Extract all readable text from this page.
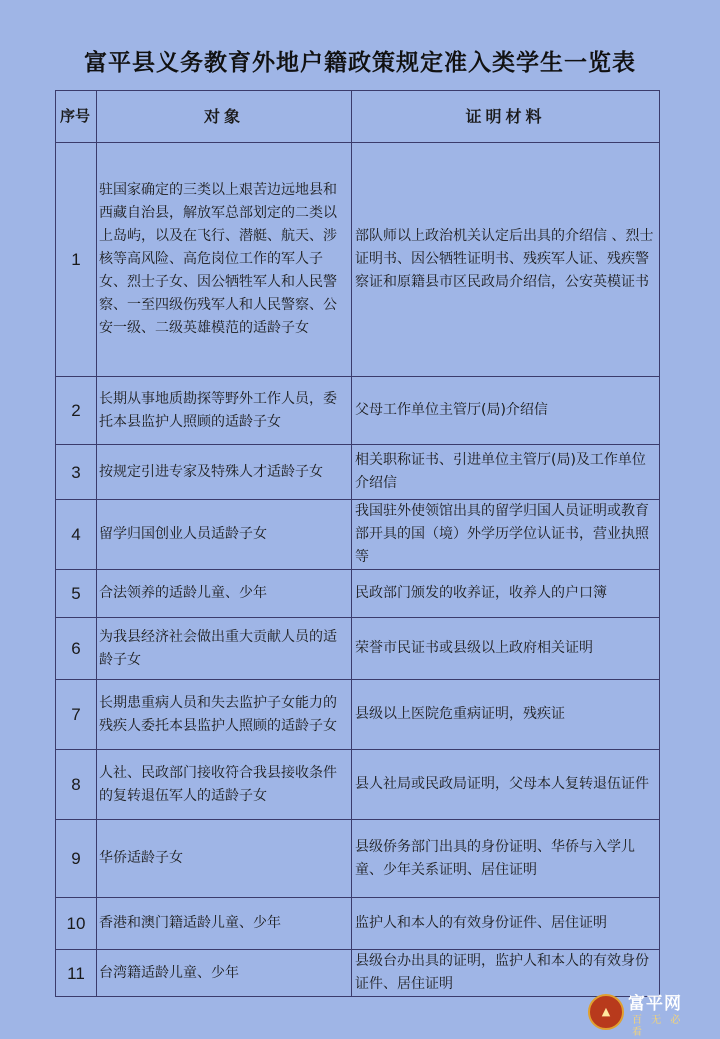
富平县义务教育外地户籍政策规定准入类学生一览表
序号	对象	证明材料
1	驻国家确定的三类以上艰苦边远地县和西藏自治县，解放军总部划定的二类以上岛屿，以及在飞行、潜艇、航天、涉核等高风险、高危岗位工作的军人子女、烈士子女、因公牺牲军人和人民警察、一至四级伤残军人和人民警察、公安一级、二级英雄模范的适龄子女	部队师以上政治机关认定后出具的介绍信 、烈士证明书、因公牺牲证明书、残疾军人证、残疾警察证和原籍县市区民政局介绍信，公安英模证书
2	长期从事地质勘探等野外工作人员，委托本县监护人照顾的适龄子女	父母工作单位主管厅(局)介绍信
3	按规定引进专家及特殊人才适龄子女	相关职称证书、引进单位主管厅(局)及工作单位介绍信
4	留学归国创业人员适龄子女	我国驻外使领馆出具的留学归国人员证明或教育部开具的国（境）外学历学位认证书，营业执照等
5	合法领养的适龄儿童、少年	民政部门颁发的收养证，收养人的户口簿
6	为我县经济社会做出重大贡献人员的适龄子女	荣誉市民证书或县级以上政府相关证明
7	长期患重病人员和失去监护子女能力的残疾人委托本县监护人照顾的适龄子女	县级以上医院危重病证明，残疾证
8	人社、民政部门接收符合我县接收条件的复转退伍军人的适龄子女	县人社局或民政局证明，父母本人复转退伍证件
9	华侨适龄子女	县级侨务部门出具的身份证明、华侨与入学儿童、少年关系证明、居住证明
10	香港和澳门籍适龄儿童、少年	监护人和本人的有效身份证件、居住证明
11	台湾籍适龄儿童、少年	县级台办出具的证明，监护人和本人的有效身份证件、居住证明
▲	富平网
百 无 必 看
